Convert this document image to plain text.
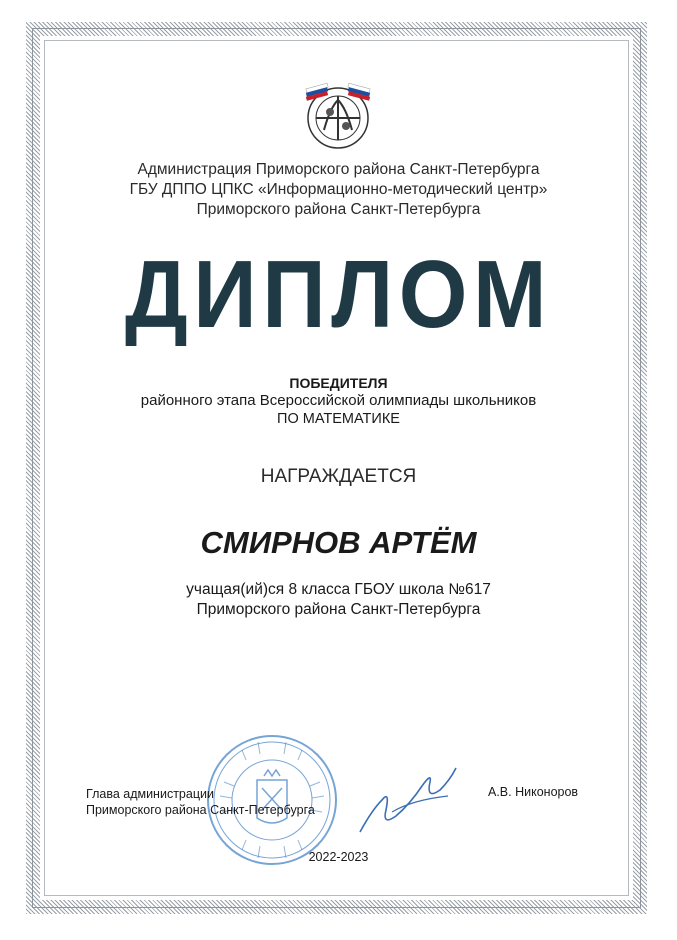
Администрация Приморского района Санкт-Петербурга
ГБУ ДППО ЦПКС «Информационно-методический центр»
Приморского района Санкт-Петербурга
ДИПЛОМ
ПОБЕДИТЕЛЯ
районного этапа Всероссийской олимпиады школьников
ПО МАТЕМАТИКЕ
НАГРАЖДАЕТСЯ
СМИРНОВ АРТЁМ
учащая(ий)ся 8 класса ГБОУ школа №617
Приморского района Санкт-Петербурга
Глава администрации
Приморского района Санкт-Петербурга
А.В. Никоноров
2022-2023
